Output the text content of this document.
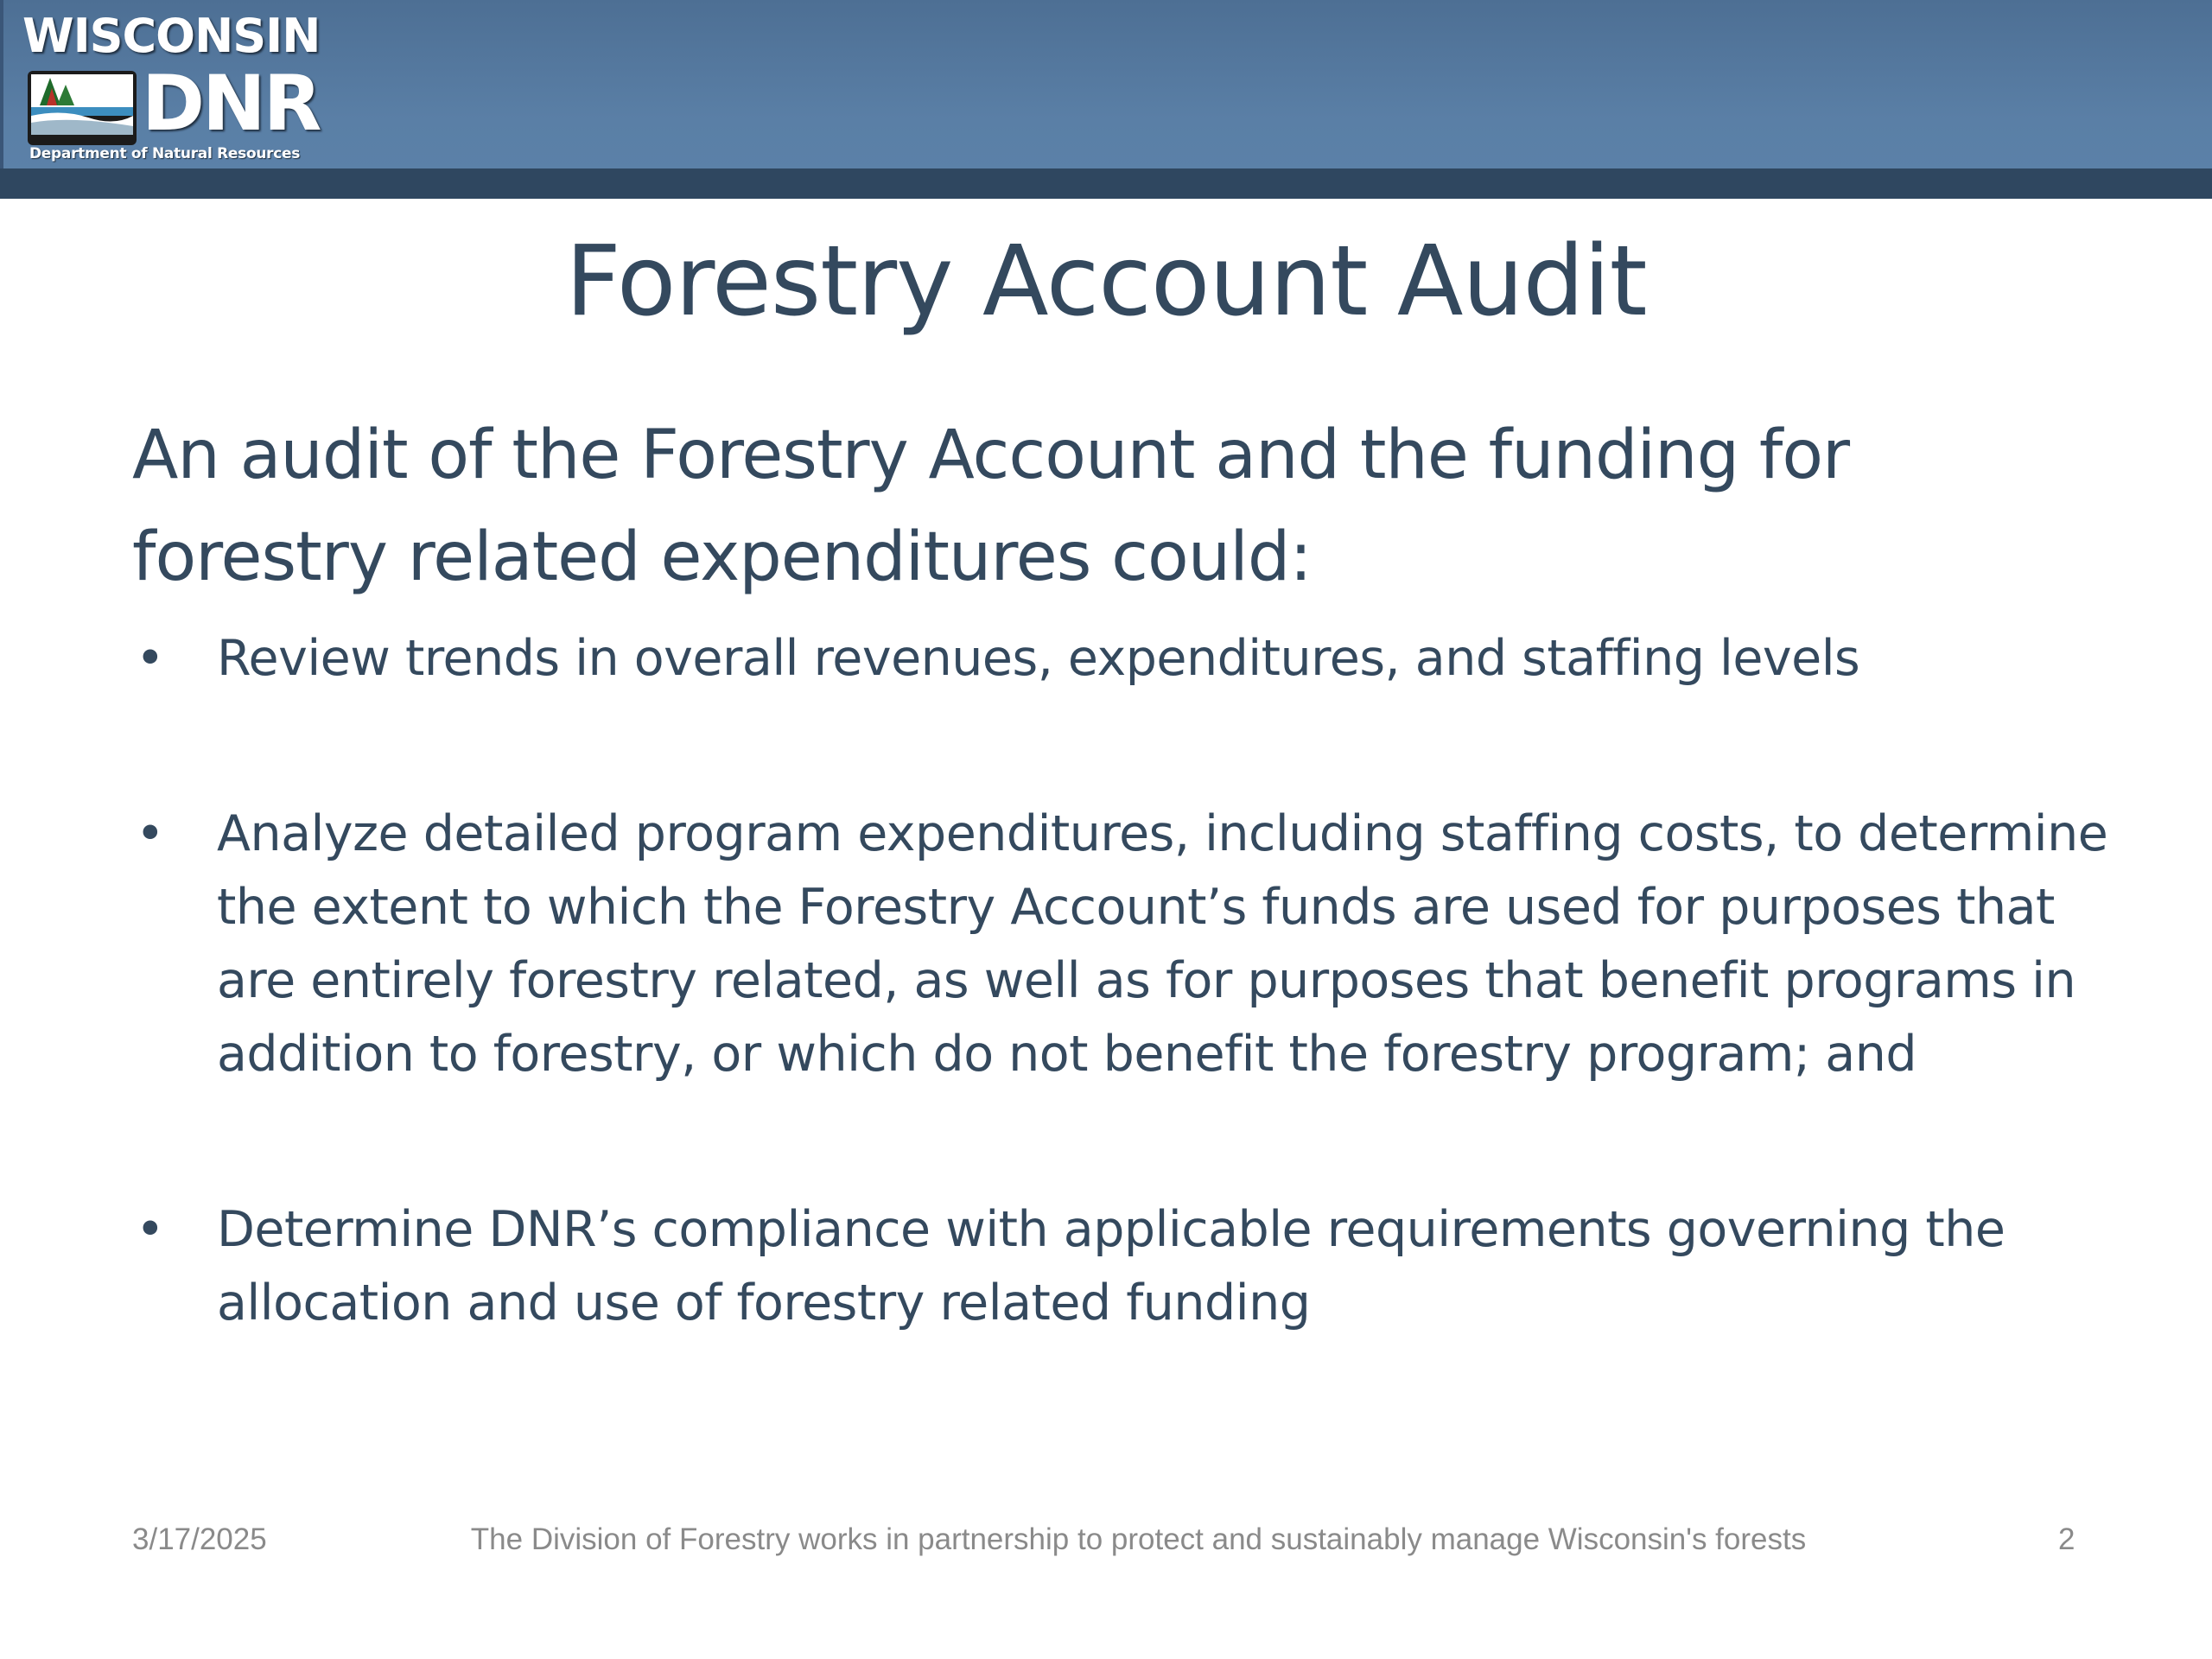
WISCONSIN
DNR
Department of Natural Resources
Forestry Account Audit
An audit of the Forestry Account and the funding for forestry related expenditures could:
• Review trends in overall revenues, expenditures, and staffing levels
• Analyze detailed program expenditures, including staffing costs, to determine the extent to which the Forestry Account’s funds are used for purposes that are entirely forestry related, as well as for purposes that benefit programs in addition to forestry, or which do not benefit the forestry program; and
• Determine DNR’s compliance with applicable requirements governing the allocation and use of forestry related funding
3/17/2025	The Division of Forestry works in partnership to protect and sustainably manage Wisconsin's forests	2
